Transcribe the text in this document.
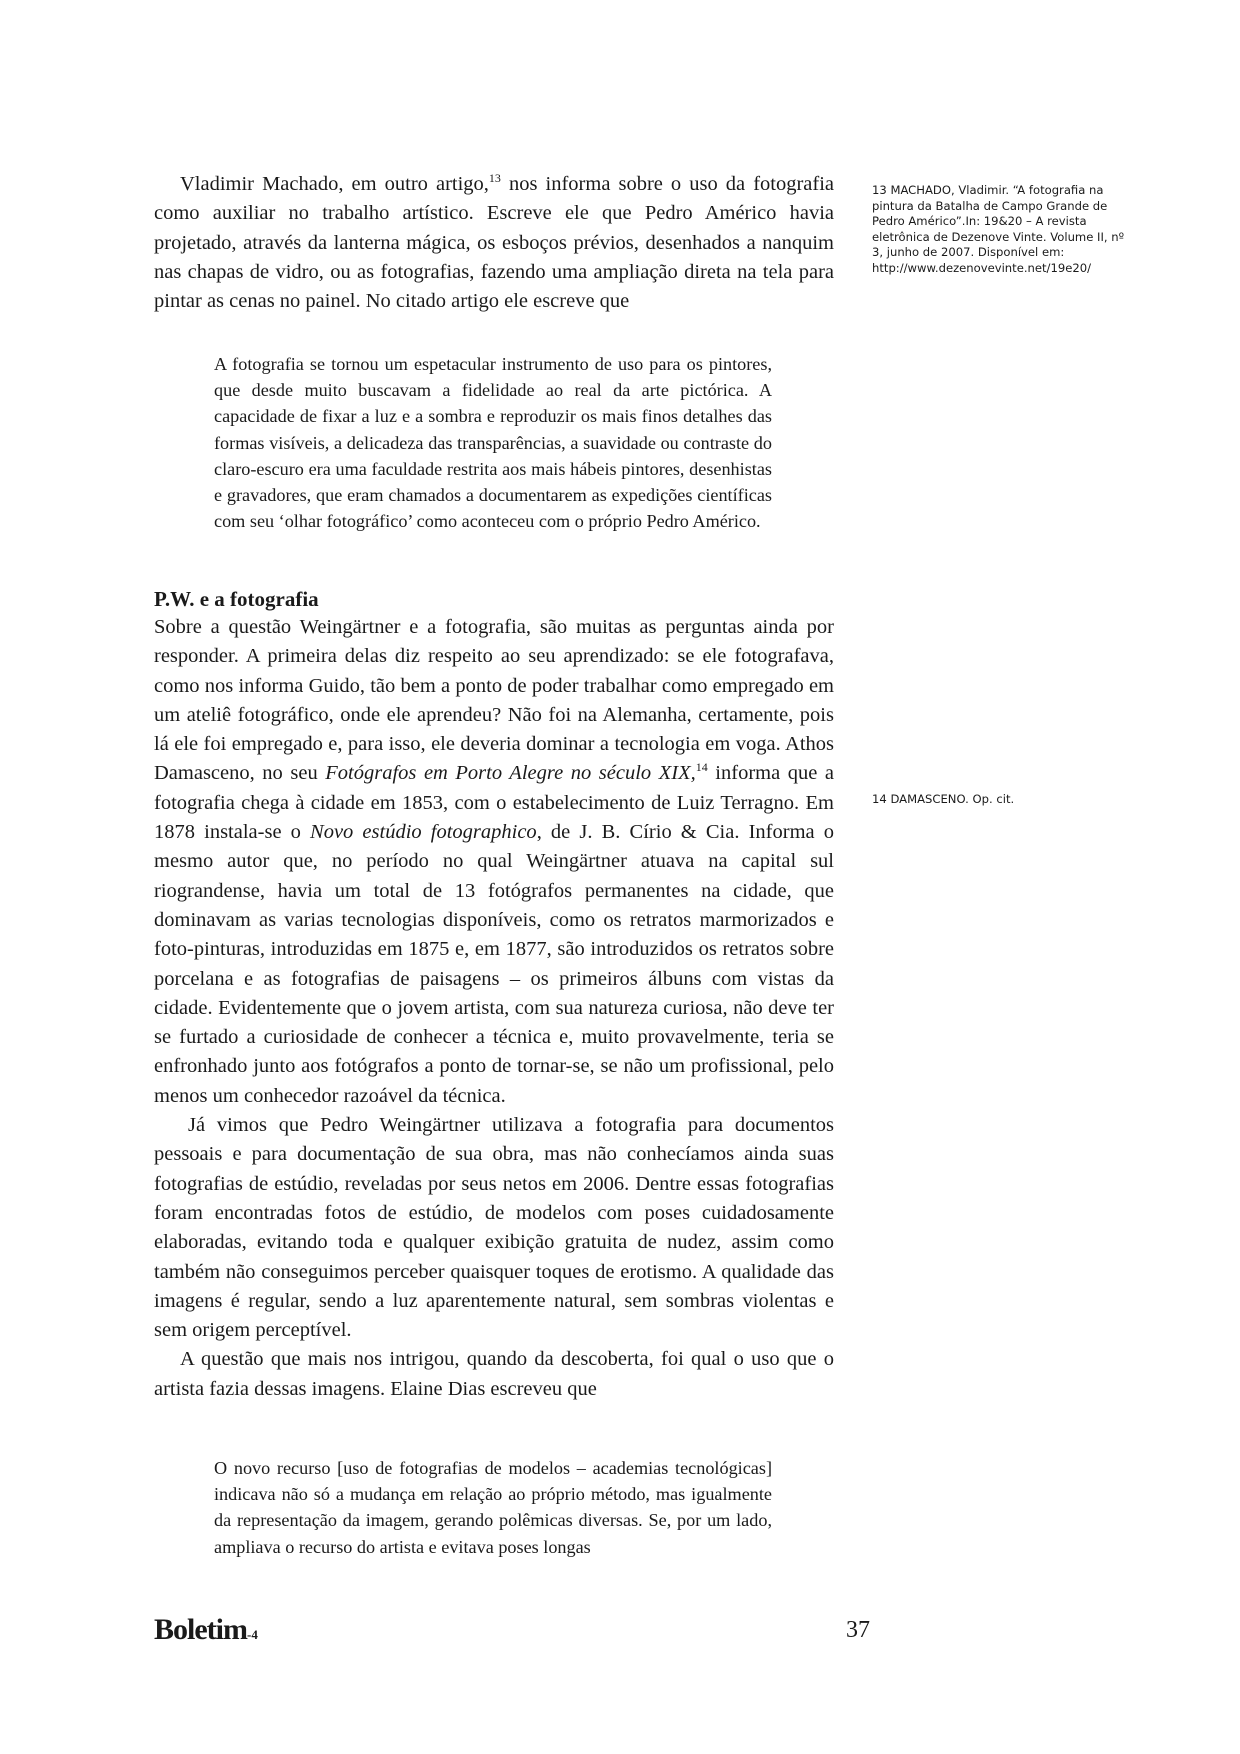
Vladimir Machado, em outro artigo,$^{13}$ nos informa sobre o uso da fotografia como auxiliar no trabalho artístico. Escreve ele que Pedro Américo havia projetado, através da lanterna mágica, os esboços prévios, desenhados a nanquim nas chapas de vidro, ou as fotografias, fazendo uma ampliação direta na tela para pintar as cenas no painel. No citado artigo ele escreve que

13 MACHADO, Vladimir. “A fotografia na pintura da Batalha de Campo Grande de Pedro Américo”.In: 19&20 – A revista eletrônica de Dezenove Vinte. Volume II, nº 3, junho de 2007. Disponível em: http://www.dezenovevinte.net/19e20/
A fotografia se tornou um espetacular instrumento de uso para os pintores, que desde muito buscavam a fidelidade ao real da arte pictórica. A capacidade de fixar a luz e a sombra e reproduzir os mais finos detalhes das formas visíveis, a delicadeza das transparências, a suavidade ou contraste do claro-escuro era uma faculdade restrita aos mais hábeis pintores, desenhistas e gravadores, que eram chamados a documentarem as expedições científicas com seu ‘olhar fotográfico’ como aconteceu com o próprio Pedro Américo.
P.W. e a fotografia

Sobre a questão Weingärtner e a fotografia, são muitas as perguntas ainda por responder. A primeira delas diz respeito ao seu aprendizado: se ele fotografava, como nos informa Guido, tão bem a ponto de poder trabalhar como empregado em um ateliê fotográfico, onde ele aprendeu? Não foi na Alemanha, certamente, pois lá ele foi empregado e, para isso, ele deveria dominar a tecnologia em voga. Athos Damasceno, no seu Fotógrafos em Porto Alegre no século XIX,$^{14}$ informa que a fotografia chega à cidade em 1853, com o estabelecimento de Luiz Terragno. Em 1878 instala-se o Novo estúdio fotographico, de J. B. Círio & Cia. Informa o mesmo autor que, no período no qual Weingärtner atuava na capital sul riograndense, havia um total de 13 fotógrafos permanentes na cidade, que dominavam as varias tecnologias disponíveis, como os retratos marmorizados e foto-pinturas, introduzidas em 1875 e, em 1877, são introduzidos os retratos sobre porcelana e as fotografias de paisagens – os primeiros álbuns com vistas da cidade. Evidentemente que o jovem artista, com sua natureza curiosa, não deve ter se furtado a curiosidade de conhecer a técnica e, muito provavelmente, teria se enfronhado junto aos fotógrafos a ponto de tornar-se, se não um profissional, pelo menos um conhecedor razoável da técnica.

Já vimos que Pedro Weingärtner utilizava a fotografia para documentos pessoais e para documentação de sua obra, mas não conhecíamos ainda suas fotografias de estúdio, reveladas por seus netos em 2006. Dentre essas fotografias foram encontradas fotos de estúdio, de modelos com poses cuidadosamente elaboradas, evitando toda e qualquer exibição gratuita de nudez, assim como também não conseguimos perceber quaisquer toques de erotismo. A qualidade das imagens é regular, sendo a luz aparentemente natural, sem sombras violentas e sem origem perceptível.

A questão que mais nos intrigou, quando da descoberta, foi qual o uso que o artista fazia dessas imagens. Elaine Dias escreveu que

14 DAMASCENO. Op. cit.
O novo recurso [uso de fotografias de modelos – academias tecnológicas] indicava não só a mudança em relação ao próprio método, mas igualmente da representação da imagem, gerando polêmicas diversas. Se, por um lado, ampliava o recurso do artista e evitava poses longas
Boletim-4	37
